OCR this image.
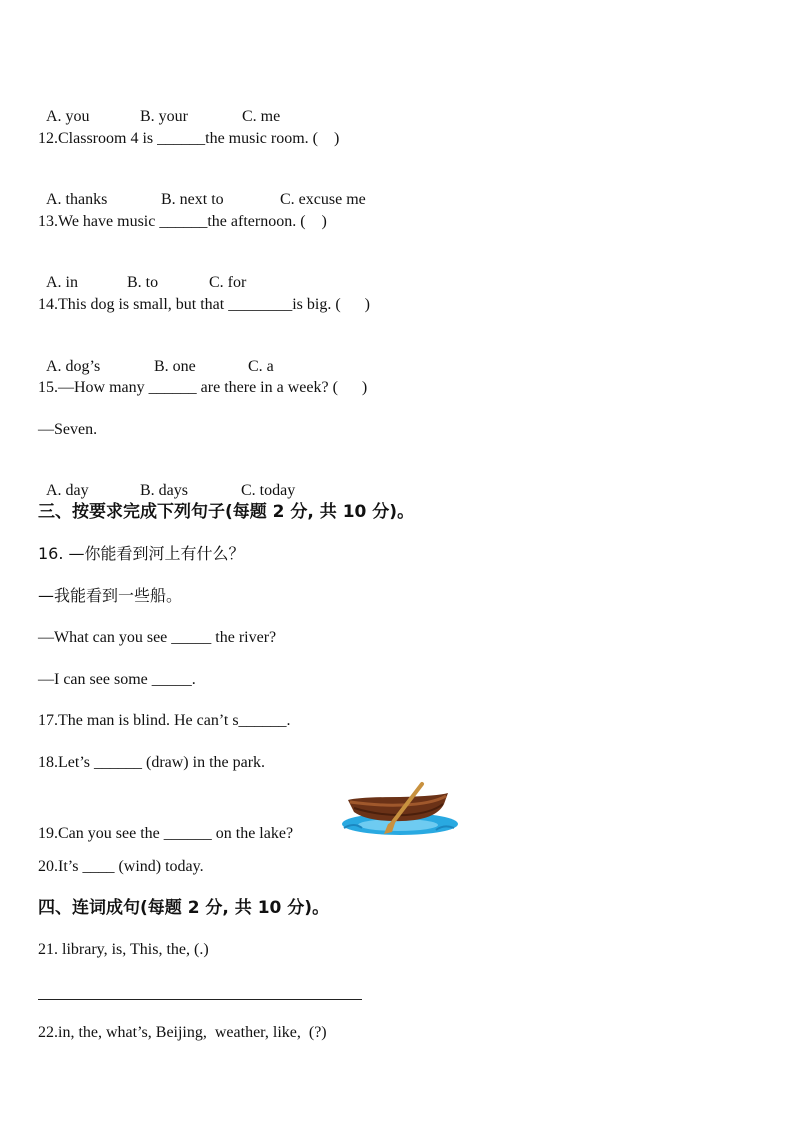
A. you	B. your	C. me

12.Classroom 4 is ______the music room. (    )

A. thanks	B. next to	C. excuse me

13.We have music ______the afternoon. (    )

A. in	B. to	C. for

14.This dog is small, but that ________is big. (      )

A. dog’s	B. one	C. a

15.—How many ______ are there in a week? (      )
—Seven.

A. day	B. days	C. today

三、按要求完成下列句子(每题 2 分, 共 10 分)。
16. —你能看到河上有什么？
—我能看到一些船。
—What can you see _____ the river?
—I can see some _____.
17.The man is blind. He can’t s______.
18.Let’s ______ (draw) in the park.
19.Can you see the ______ on the lake?
20.It’s ____ (wind) today.
四、连词成句(每题 2 分, 共 10 分)。
21. library, is, This, the, (.)
22.in, the, what’s, Beijing,  weather, like,  (?)
